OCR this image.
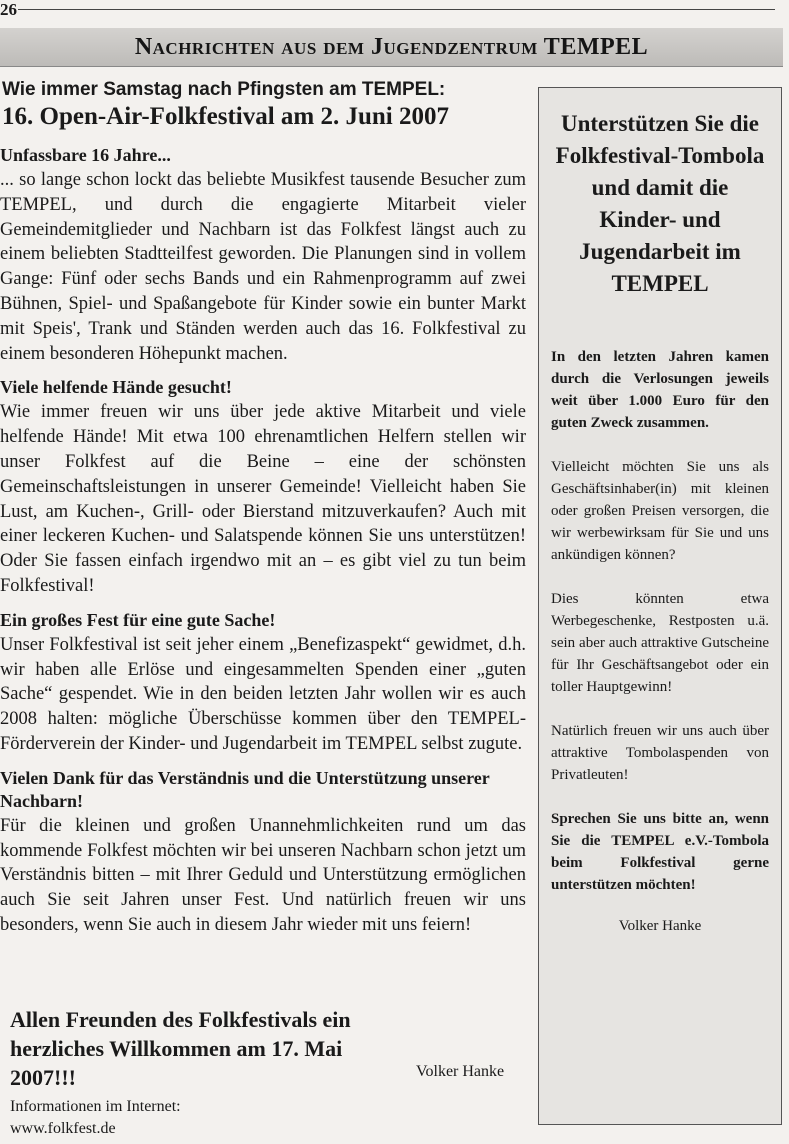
26
Nachrichten aus dem Jugendzentrum TEMPEL
Wie immer Samstag nach Pfingsten am TEMPEL:
16. Open-Air-Folkfestival am 2. Juni 2007
Unfassbare 16 Jahre...

... so lange schon lockt das beliebte Musikfest tausende Besucher zum TEMPEL, und durch die engagierte Mitarbeit vieler Gemeindemitglieder und Nachbarn ist das Folkfest längst auch zu einem beliebten Stadtteilfest geworden. Die Planungen sind in vollem Gange: Fünf oder sechs Bands und ein Rahmenprogramm auf zwei Bühnen, Spiel- und Spaßangebote für Kinder sowie ein bunter Markt mit Speis', Trank und Ständen werden auch das 16. Folkfestival zu einem besonderen Höhepunkt machen.

Viele helfende Hände gesucht!

Wie immer freuen wir uns über jede aktive Mitarbeit und viele helfende Hände! Mit etwa 100 ehrenamtlichen Helfern stellen wir unser Folkfest auf die Beine – eine der schönsten Gemeinschaftsleistungen in unserer Gemeinde! Vielleicht haben Sie Lust, am Kuchen-, Grill- oder Bierstand mitzuverkaufen? Auch mit einer leckeren Kuchen- und Salatspende können Sie uns unterstützen! Oder Sie fassen einfach irgendwo mit an – es gibt viel zu tun beim Folkfestival!

Ein großes Fest für eine gute Sache!

Unser Folkfestival ist seit jeher einem „Benefizaspekt“ gewidmet, d.h. wir haben alle Erlöse und eingesammelten Spenden einer „guten Sache“ gespendet. Wie in den beiden letzten Jahr wollen wir es auch 2008 halten: mögliche Überschüsse kommen über den TEMPEL-Förderverein der Kinder- und Jugendarbeit im TEMPEL selbst zugute.

Vielen Dank für das Verständnis und die Unterstützung unserer Nachbarn!

Für die kleinen und großen Unannehmlichkeiten rund um das kommende Folkfest möchten wir bei unseren Nachbarn schon jetzt um Verständnis bitten – mit Ihrer Geduld und Unterstützung ermöglichen auch Sie seit Jahren unser Fest. Und natürlich freuen wir uns besonders, wenn Sie auch in diesem Jahr wieder mit uns feiern!

Allen Freunden des Folkfestivals ein herzliches Willkommen am 17. Mai 2007!!!	Volker Hanke
Informationen im Internet:
www.folkfest.de
Unterstützen Sie die Folkfestival-Tombola und damit die Kinder- und Jugendarbeit im TEMPEL

In den letzten Jahren kamen durch die Verlosungen jeweils weit über 1.000 Euro für den guten Zweck zusammen.

Vielleicht möchten Sie uns als Geschäftsinhaber(in) mit kleinen oder großen Preisen versorgen, die wir werbewirksam für Sie und uns ankündigen können?

Dies könnten etwa Werbegeschenke, Restposten u.ä. sein aber auch attraktive Gutscheine für Ihr Geschäftsangebot oder ein toller Hauptgewinn!

Natürlich freuen wir uns auch über attraktive Tombolaspenden von Privatleuten!

Sprechen Sie uns bitte an, wenn Sie die TEMPEL e.V.-Tombola beim Folkfestival gerne unterstützen möchten!

Volker Hanke
